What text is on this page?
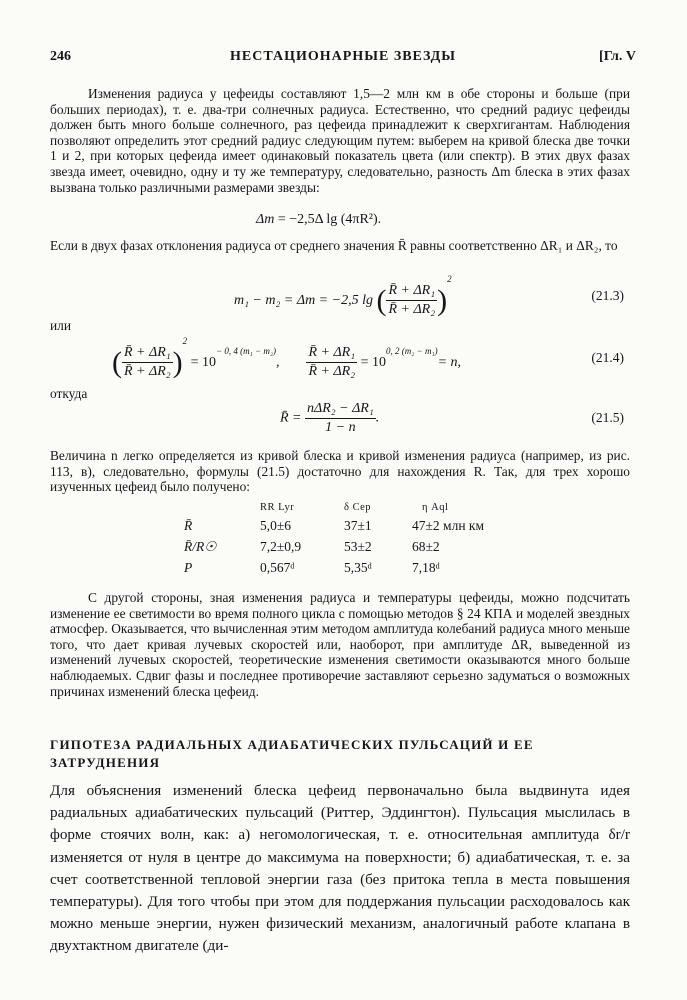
246	НЕСТАЦИОНАРНЫЕ ЗВЕЗДЫ	[Гл. V

Изменения радиуса у цефеиды составляют 1,5—2 млн км в обе стороны и больше (при больших периодах), т. е. два-три солнечных радиуса. Естественно, что средний радиус цефеиды должен быть много больше солнечного, раз цефеида принадлежит к сверхгигантам. Наблюдения позволяют определить этот средний радиус следующим путем: выберем на кривой блеска две точки 1 и 2, при которых цефеида имеет одинаковый показатель цвета (или спектр). В этих двух фазах звезда имеет, очевидно, одну и ту же температуру, следовательно, разность Δm блеска в этих фазах вызвана только различными размерами звезды:

Δm = −2,5Δ lg (4πR²).

Если в двух фазах отклонения радиуса от среднего значения R̄ равны соответственно ΔR₁ и ΔR₂, то

m₁ − m₂ = Δm = −2,5 lg ( $\frac{\text{R̄ + ΔR₁}}{\text{R̄ + ΔR₂}} )^2$
(21.3)
или
( $\frac{\text{R̄ + ΔR₁}}{\text{R̄ + ΔR₂}} )^2 = 10^{- 0, 4 (m_1 - m_2)}$, $\frac{\text{R̄ + ΔR₁}}{\text{R̄ + ΔR₂}} = 10^{0, 2 (m_2 - m_1)}= n$,	(21.4)
откуда
R̄ = $\frac{\text{nΔR₂ − ΔR₁}}{1 - n}$ .	(21.5)

Величина n легко определяется из кривой блеска и кривой изменения радиуса (например, из рис. 113, в), следовательно, формулы (21.5) достаточно для нахождения R. Так, для трех хорошо изученных цефеид было получено:

	RR Lyr	δ Cep	η Aql
R̄	5,0±6	37±1	47±2 млн км
R̄/R☉	7,2±0,9	53±2	68±2
P	0,567ᵈ	5,35ᵈ	7,18ᵈ

С другой стороны, зная изменения радиуса и температуры цефеиды, можно подсчитать изменение ее светимости во время полного цикла с помощью методов § 24 КПА и моделей звездных атмосфер. Оказывается, что вычисленная этим методом амплитуда колебаний радиуса много меньше того, что дает кривая лучевых скоростей или, наоборот, при амплитуде ΔR, выведенной из изменений лучевых скоростей, теоретические изменения светимости оказываются много больше наблюдаемых. Сдвиг фазы и последнее противоречие заставляют серьезно задуматься о возможных причинах изменений блеска цефеид.

ГИПОТЕЗА РАДИАЛЬНЫХ АДИАБАТИЧЕСКИХ ПУЛЬСАЦИЙ И ЕЕ ЗАТРУДНЕНИЯ

Для объяснения изменений блеска цефеид первоначально была выдвинута идея радиальных адиабатических пульсаций (Риттер, Эддингтон). Пульсация мыслилась в форме стоячих волн, как: а) негомологическая, т. е. относительная амплитуда δr/r изменяется от нуля в центре до максимума на поверхности; б) адиабатическая, т. е. за счет соответственной тепловой энергии газа (без притока тепла в места повышения температуры). Для того чтобы при этом для поддержания пульсации расходовалось как можно меньше энергии, нужен физический механизм, аналогичный работе клапана в двухтактном двигателе (ди-
